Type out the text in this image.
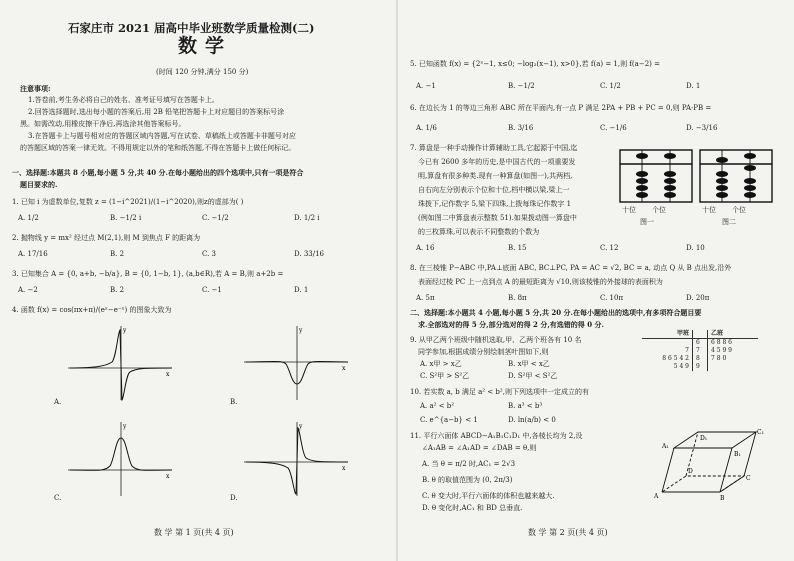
石家庄市 2021 届高中毕业班数学质量检测(二)
数学
(时间 120 分钟,满分 150 分)
注意事项:
1.答卷前,考生务必将自己的姓名、准考证号填写在答题卡上。
2.回答选择题时,选出每小题的答案后,用 2B 铅笔把答题卡上对应题目的答案标号涂
黑。如需改动,用橡皮擦干净后,再选涂其他答案标号。
3.在答题卡上与题号相对应的答题区域内答题,写在试卷、草稿纸上或答题卡非题号对应
的答题区域的答案一律无效。不得用规定以外的笔和纸答题,不得在答题卡上做任何标记。
一、选择题:本题共 8 小题,每小题 5 分,共 40 分.在每小题给出的四个选项中,只有一项是符合
题目要求的.
1. 已知 i 为虚数单位,复数 z = (1−i^2021)/(1−i^2020),则z的虚部为( )
A. 1/2	B. −1/2 i	C. −1/2	D. 1/2 i
2. 抛物线 y = mx² 经过点 M(2,1),则 M 到焦点 F 的距离为
A. 17/16	B. 2	C. 3	D. 33/16
3. 已知集合 A = {0, a+b, −b/a}, B = {0, 1−b, 1}, (a,b∈R),若 A = B,则 a+2b =
A. −2	B. 2	C. −1	D. 1
4. 函数 f(x) = cos(πx+π)/(eˣ−e⁻ˣ) 的图象大致为
x
y
A.
x
y
B.
x
y
C.
x
y
D.
数 学 第 1 页(共 4 页)
5. 已知函数 f(x) = {2ˣ−1, x≤0; −log₂(x−1), x>0},若 f(a) = 1,则 f(a−2) =
A. −1	B. −1/2	C. 1/2	D. 1
6. 在边长为 1 的等边三角形 ABC 所在平面内,有一点 P 满足 2PA + PB + PC = 0,则 PA·PB =
A. 1/6	B. 3/16	C. −1/6	D. −3/16
7. 算盘是一种手动操作计算辅助工具,它起源于中国,迄
今已有 2600 多年的历史,是中国古代的一项重要发
明,算盘有很多种类.现有一种算盘(如图一),共两档,
自右向左分别表示个位和十位,档中横以梁,梁上一
珠拨下,记作数字 5,梁下四珠,上拨每珠记作数字 1
(例如图二中算盘表示整数 51).如果拨动图一算盘中
的三枚算珠,可以表示不同整数的个数为
A. 16	B. 15	C. 12	D. 10
十位 个位
图一
十位 个位
图二
8. 在三棱锥 P−ABC 中,PA⊥底面 ABC, BC⊥PC, PA = AC = √2, BC = a, 动点 Q 从 B 点出发,沿外
表面经过棱 PC 上一点到点 A 的最短距离为 √10,则该棱锥的外接球的表面积为
A. 5π	B. 8π	C. 10π	D. 20π
二、选择题:本小题共 4 小题,每小题 5 分,共 20 分.在每小题给出的选项中,有多项符合题目要
求.全部选对的得 5 分,部分选对的得 2 分,有选错的得 0 分.
9. 从甲乙两个班级中随机选取,甲、乙两个班各有 10 名
同学参加,根据成绩分别绘制茎叶图如下,则
A. x甲 > x乙	B. x甲 < x乙
C. S²甲 > S²乙	D. S²甲 < S²乙
甲班		乙班
	6	6 8 8 6
7	7	4 5 9 9
8 6 5 4 2	8	7 8 0
5 4 9	9	
10. 若实数 a, b 满足 a² < b²,则下列选项中一定成立的有
A. a² < b²	B. a³ < b³
C. e^{a−b} < 1	D. ln(a/b) < 0
11. 平行六面体 ABCD−A₁B₁C₁D₁ 中,各棱长均为 2,设
∠A₁AB = ∠A₁AD = ∠DAB = θ,则
A. 当 θ = π/2 时,AC₁ = 2√3
B. θ 的取值范围为 (0, 2π/3)
C. θ 变大时,平行六面体的体积也越来越大.
D. θ 变化时,AC₁ 和 BD 总垂直.
A	B
C
D
A₁
B₁
C₁
D₁
数 学 第 2 页(共 4 页)
